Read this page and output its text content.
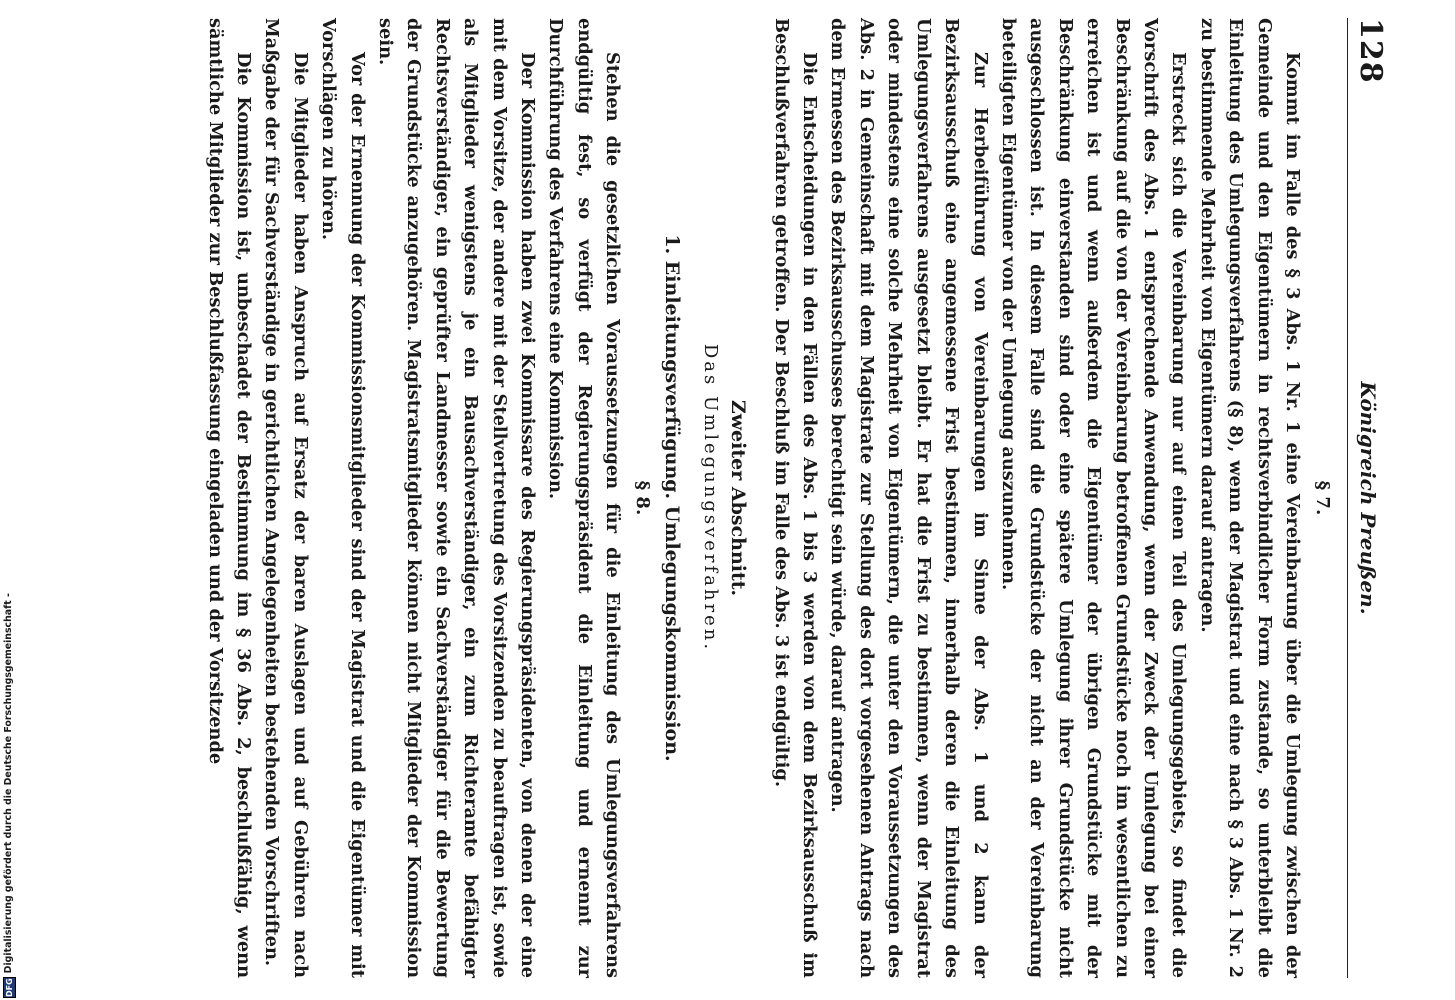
128
Königreich Preußen.
§ 7.

Kommt im Falle des § 3 Abs. 1 Nr. 1 eine Vereinbarung über die Umlegung zwischen der Gemeinde und den Eigentümern in rechtsverbindlicher Form zustande, so unterbleibt die Einleitung des Umlegungsverfahrens (§ 8), wenn der Magistrat und eine nach § 3 Abs. 1 Nr. 2 zu bestimmende Mehrheit von Eigentümern darauf antragen.

Erstreckt sich die Vereinbarung nur auf einen Teil des Umlegungsgebiets, so findet die Vorschrift des Abs. 1 entsprechende Anwendung, wenn der Zweck der Umlegung bei einer Beschränkung auf die von der Vereinbarung betroffenen Grundstücke noch im wesentlichen zu erreichen ist und wenn außerdem die Eigentümer der übrigen Grundstücke mit der Beschränkung einverstanden sind oder eine spätere Umlegung ihrer Grundstücke nicht ausgeschlossen ist. In diesem Falle sind die Grundstücke der nicht an der Vereinbarung beteiligten Eigentümer von der Umlegung auszunehmen.

Zur Herbeiführung von Vereinbarungen im Sinne der Abs. 1 und 2 kann der Bezirksausschuß eine angemessene Frist bestimmen, innerhalb deren die Einleitung des Umlegungsverfahrens ausgesetzt bleibt. Er hat die Frist zu bestimmen, wenn der Magistrat oder mindestens eine solche Mehrheit von Eigentümern, die unter den Voraussetzungen des Abs. 2 in Gemeinschaft mit dem Magistrate zur Stellung des dort vorgesehenen Antrags nach dem Ermessen des Bezirksausschusses berechtigt sein würde, darauf antragen.

Die Entscheidungen in den Fällen des Abs. 1 bis 3 werden von dem Bezirksausschuß im Beschlußverfahren getroffen. Der Beschluß im Falle des Abs. 3 ist endgültig.

Zweiter Abschnitt.
Das Umlegungsverfahren.
1. Einleitungsverfügung. Umlegungskommission.
§ 8.

Stehen die gesetzlichen Voraussetzungen für die Einleitung des Umlegungsverfahrens endgültig fest, so verfügt der Regierungspräsident die Einleitung und ernennt zur Durchführung des Verfahrens eine Kommission.

Der Kommission haben zwei Kommissare des Regierungspräsidenten, von denen der eine mit dem Vorsitze, der andere mit der Stellvertretung des Vorsitzenden zu beauftragen ist, sowie als Mitglieder wenigstens je ein Bausachverständiger, ein zum Richteramte befähigter Rechtsverständiger, ein geprüfter Landmesser sowie ein Sachverständiger für die Bewertung der Grundstücke anzugehören. Magistratsmitglieder können nicht Mitglieder der Kommission sein.

Vor der Ernennung der Kommissionsmitglieder sind der Magistrat und die Eigentümer mit Vorschlägen zu hören.

Die Mitglieder haben Anspruch auf Ersatz der baren Auslagen und auf Gebühren nach Maßgabe der für Sachverständige in gerichtlichen Angelegenheiten bestehenden Vorschriften.

Die Kommission ist, unbeschadet der Bestimmung im § 36 Abs. 2, beschlußfähig, wenn sämtliche Mitglieder zur Beschlußfassung eingeladen und der Vorsitzende

DFG
Digitalisierung gefördert durch die Deutsche Forschungsgemeinschaft -
